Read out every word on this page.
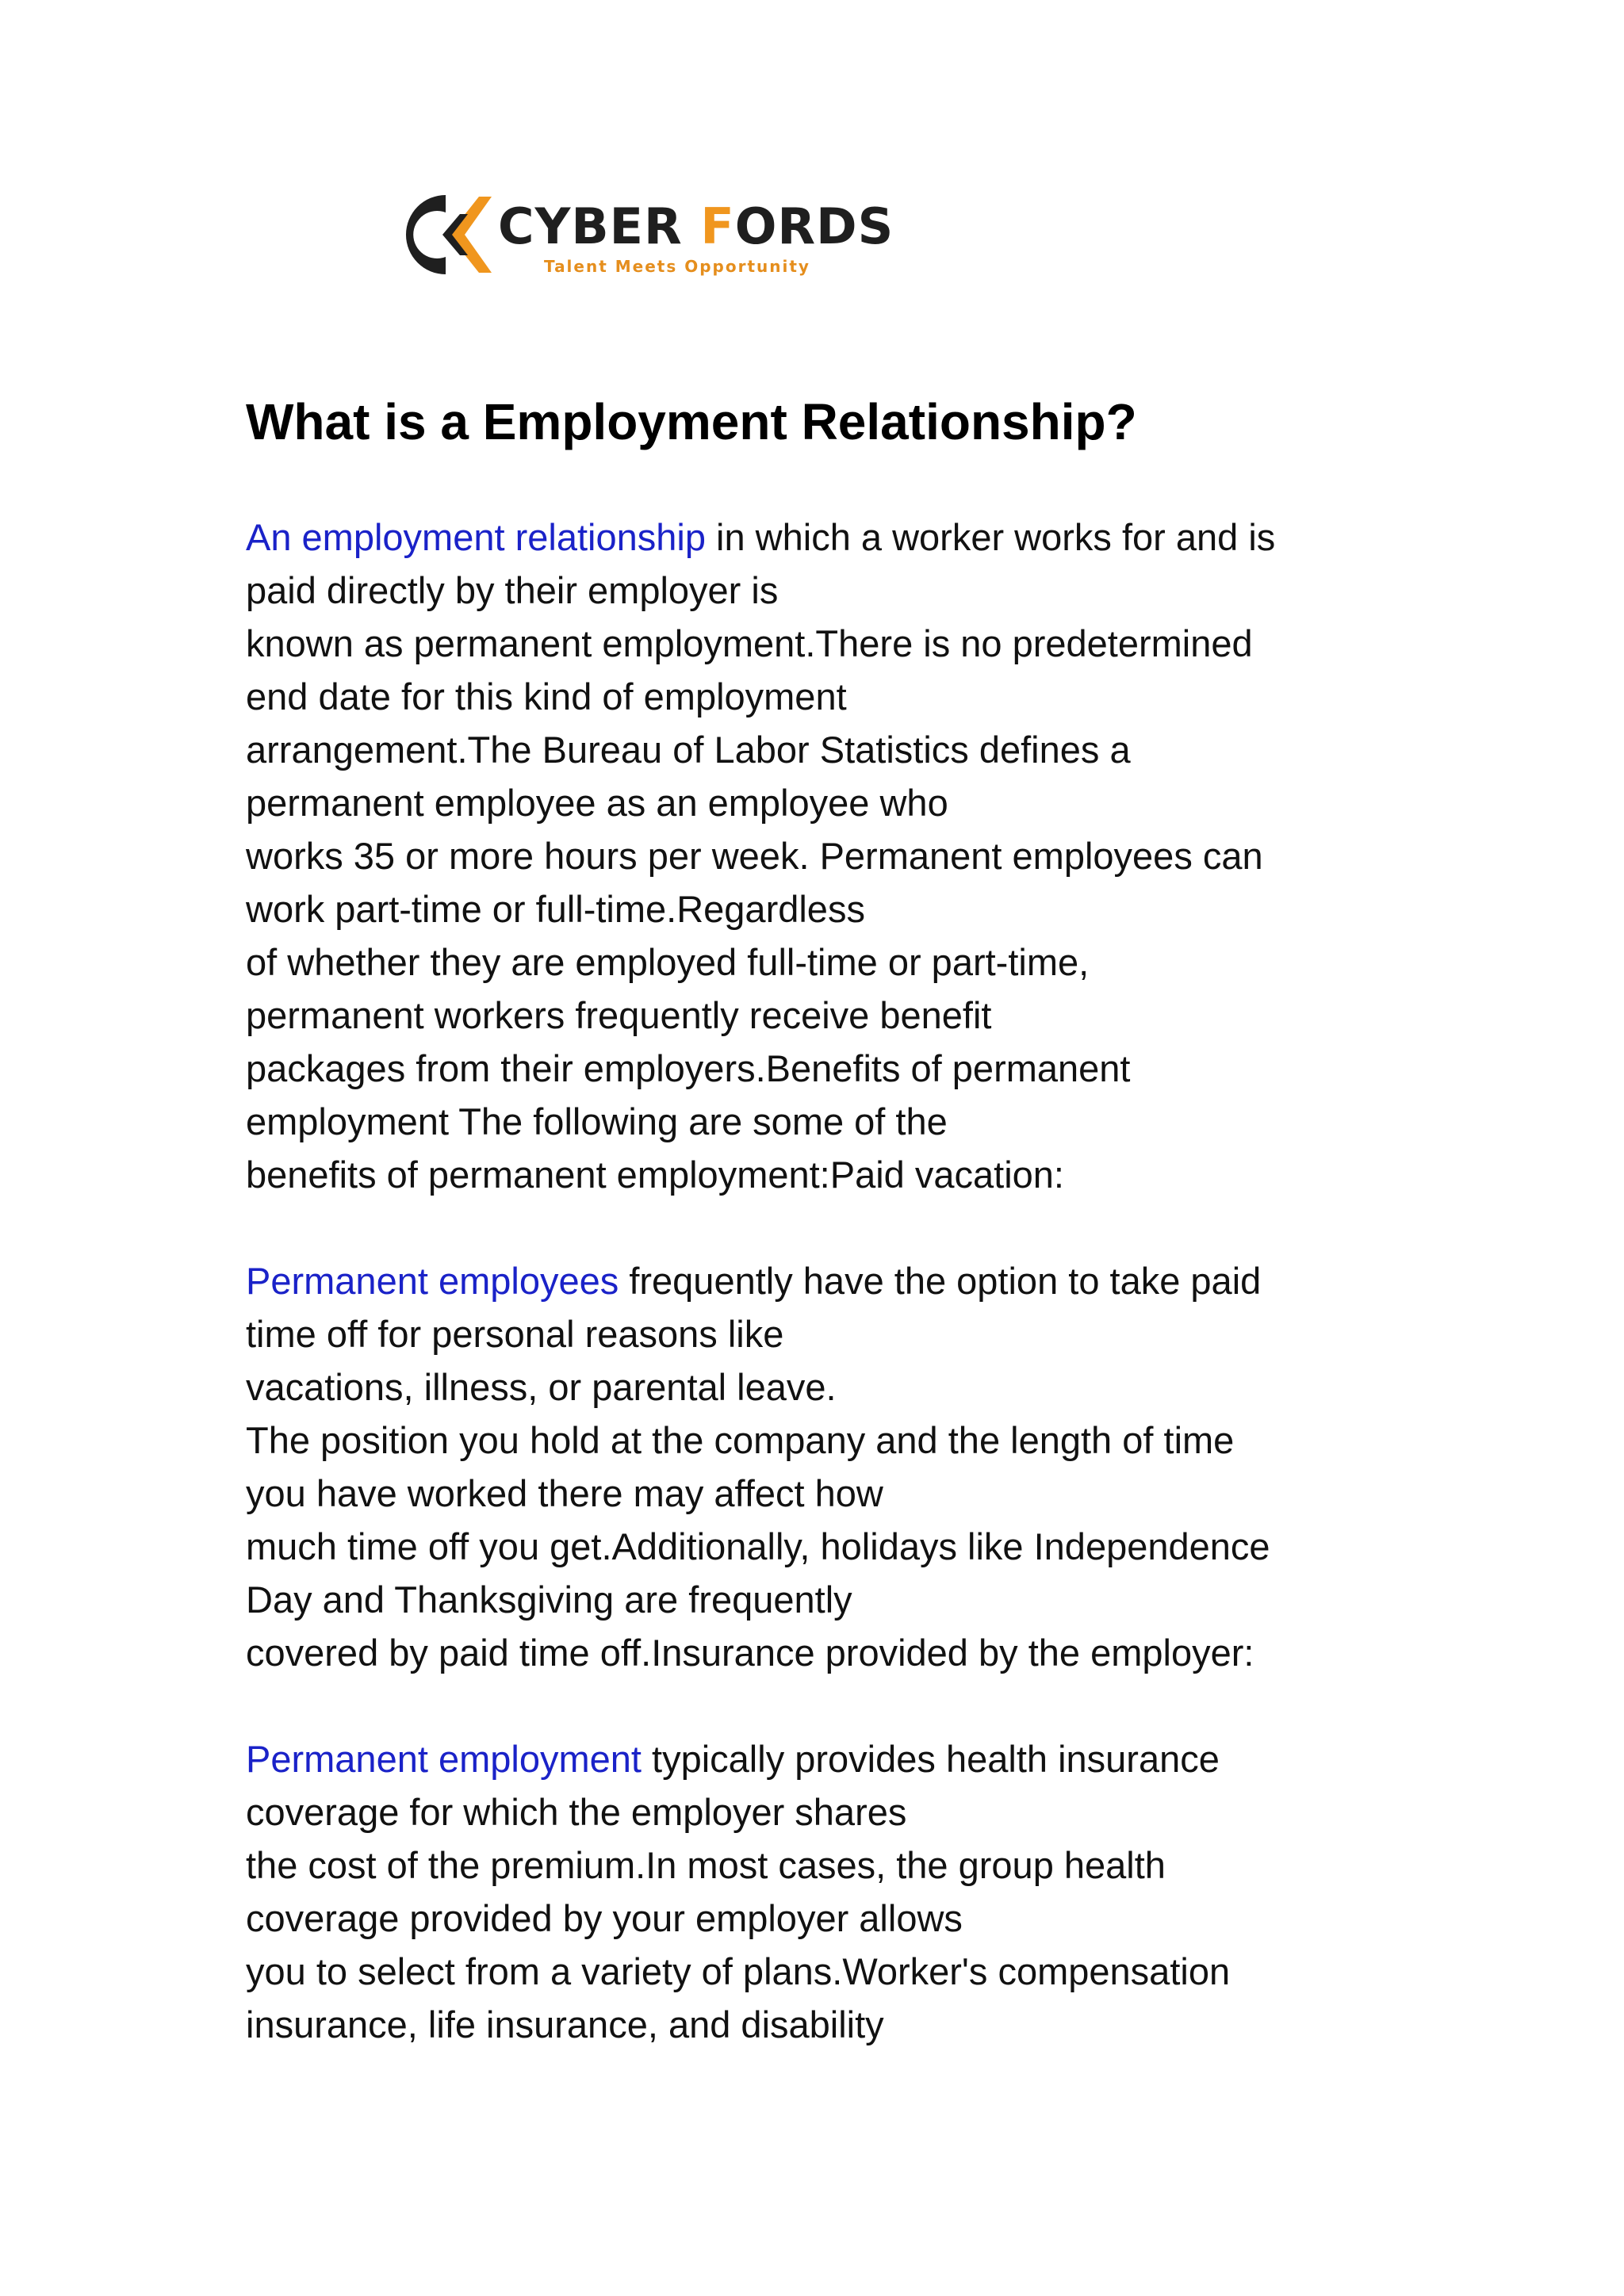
CYBER FORDS
Talent Meets Opportunity
What is a Employment Relationship?
An employment relationship in which a worker works for and is
paid directly by their employer is
known as permanent employment.There is no predetermined
end date for this kind of employment
arrangement.The Bureau of Labor Statistics defines a
permanent employee as an employee who
works 35 or more hours per week. Permanent employees can
work part-time or full-time.Regardless
of whether they are employed full-time or part-time,
permanent workers frequently receive benefit
packages from their employers.Benefits of permanent
employment The following are some of the
benefits of permanent employment:Paid vacation:
Permanent employees frequently have the option to take paid
time off for personal reasons like
vacations, illness, or parental leave.
The position you hold at the company and the length of time
you have worked there may affect how
much time off you get.Additionally, holidays like Independence
Day and Thanksgiving are frequently
covered by paid time off.Insurance provided by the employer:
Permanent employment typically provides health insurance
coverage for which the employer shares
the cost of the premium.In most cases, the group health
coverage provided by your employer allows
you to select from a variety of plans.Worker's compensation
insurance, life insurance, and disability
